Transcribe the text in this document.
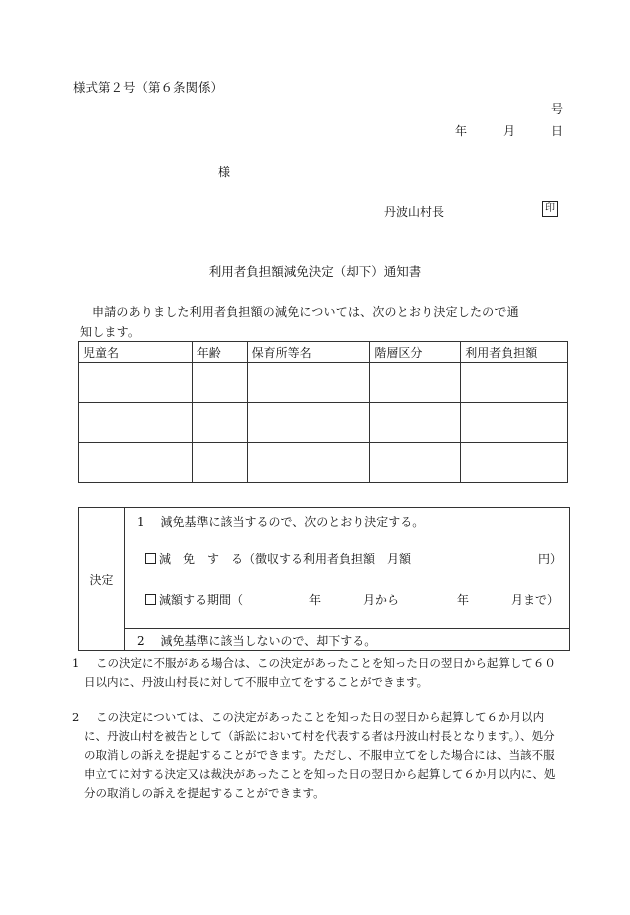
様式第２号（第６条関係）
号
年	月	日
様
丹波山村長	印
利用者負担額減免決定（却下）通知書
申請のありました利用者負担額の減免については、次のとおり決定したので通
知します。
児童名	年齢	保育所等名	階層区分	利用者負担額

決定
1　 減免基準に該当するので、次のとおり決定する。
減　免　す　る（徴収する利用者負担額　月額	円）
減額する期間（	年	月から	年	月まで）
2　 減免基準に該当しないので、却下する。
1	この決定に不服がある場合は、この決定があったことを知った日の翌日から起算して６０
日以内に、丹波山村長に対して不服申立てをすることができます。
2	この決定については、この決定があったことを知った日の翌日から起算して６か月以内
に、丹波山村を被告として（訴訟において村を代表する者は丹波山村長となります。）、処分
の取消しの訴えを提起することができます。ただし、不服申立てをした場合には、当該不服
申立てに対する決定又は裁決があったことを知った日の翌日から起算して６か月以内に、処
分の取消しの訴えを提起することができます。
